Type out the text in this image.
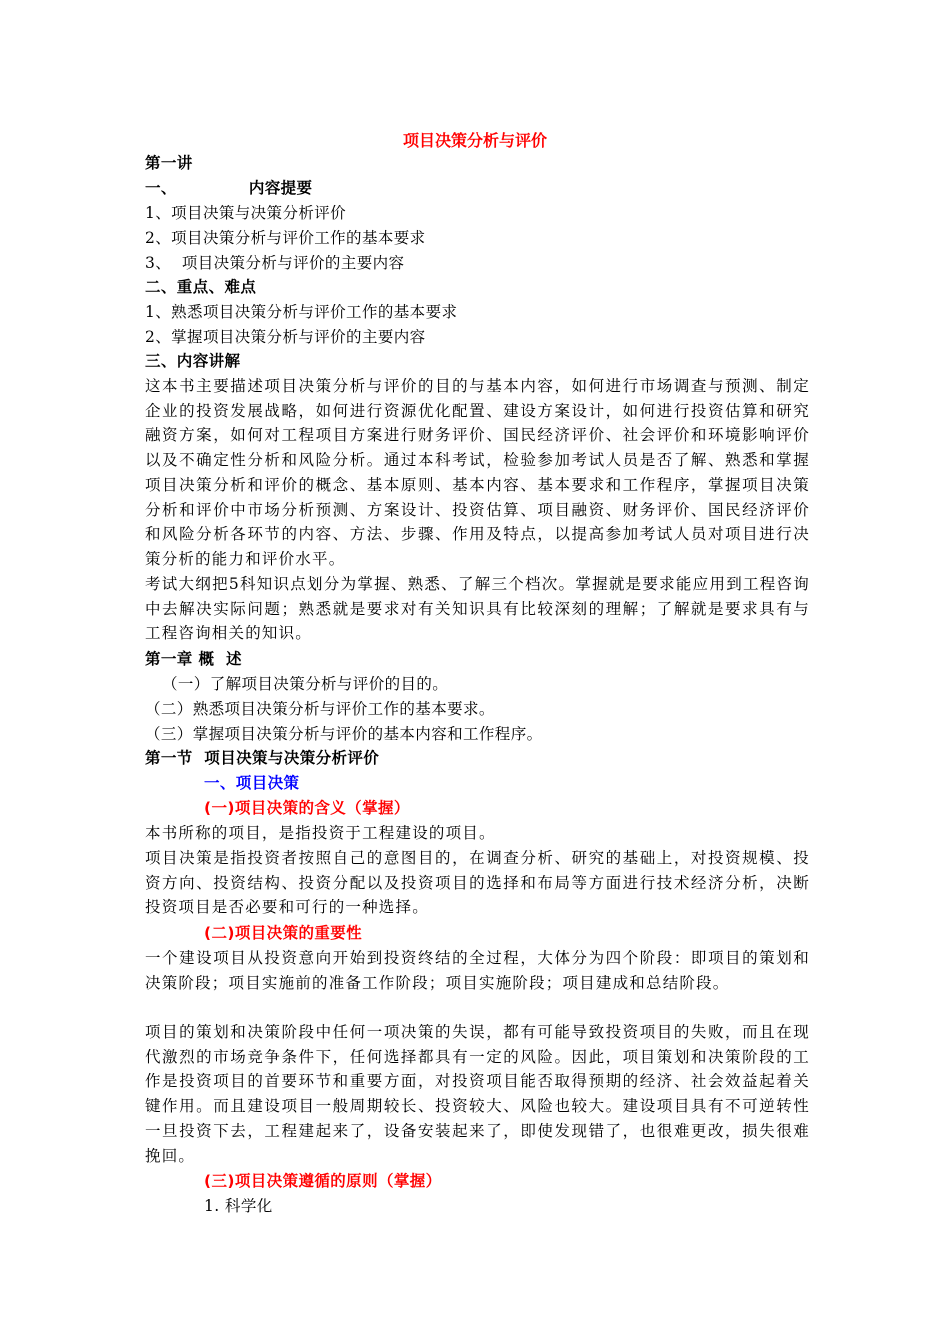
项目决策分析与评价
第一讲
一、	内容提要
1、项目决策与决策分析评价
2、项目决策分析与评价工作的基本要求
3、  项目决策分析与评价的主要内容
二、重点、难点
1、熟悉项目决策分析与评价工作的基本要求
2、掌握项目决策分析与评价的主要内容
三、内容讲解
这本书主要描述项目决策分析与评价的目的与基本内容，如何进行市场调查与预测、制定企业的投资发展战略，如何进行资源优化配置、建设方案设计，如何进行投资估算和研究融资方案，如何对工程项目方案进行财务评价、国民经济评价、社会评价和环境影响评价以及不确定性分析和风险分析。通过本科考试，检验参加考试人员是否了解、熟悉和掌握项目决策分析和评价的概念、基本原则、基本内容、基本要求和工作程序，掌握项目决策分析和评价中市场分析预测、方案设计、投资估算、项目融资、财务评价、国民经济评价和风险分析各环节的内容、方法、步骤、作用及特点，以提高参加考试人员对项目进行决策分析的能力和评价水平。
考试大纲把5科知识点划分为掌握、熟悉、了解三个档次。掌握就是要求能应用到工程咨询中去解决实际问题；熟悉就是要求对有关知识具有比较深刻的理解；了解就是要求具有与工程咨询相关的知识。
第一章 概  述
（一）了解项目决策分析与评价的目的。
（二）熟悉项目决策分析与评价工作的基本要求。
（三）掌握项目决策分析与评价的基本内容和工作程序。
第一节  项目决策与决策分析评价
一、项目决策
(一)项目决策的含义（掌握）
本书所称的项目，是指投资于工程建设的项目。
项目决策是指投资者按照自己的意图目的，在调查分析、研究的基础上，对投资规模、投资方向、投资结构、投资分配以及投资项目的选择和布局等方面进行技术经济分析，决断投资项目是否必要和可行的一种选择。
(二)项目决策的重要性
一个建设项目从投资意向开始到投资终结的全过程，大体分为四个阶段：即项目的策划和决策阶段；项目实施前的准备工作阶段；项目实施阶段；项目建成和总结阶段。
项目的策划和决策阶段中任何一项决策的失误，都有可能导致投资项目的失败，而且在现代激烈的市场竞争条件下，任何选择都具有一定的风险。因此，项目策划和决策阶段的工作是投资项目的首要环节和重要方面，对投资项目能否取得预期的经济、社会效益起着关键作用。而且建设项目一般周期较长、投资较大、风险也较大。建设项目具有不可逆转性一旦投资下去，工程建起来了，设备安装起来了，即使发现错了，也很难更改，损失很难挽回。
(三)项目决策遵循的原则（掌握）
1. 科学化
